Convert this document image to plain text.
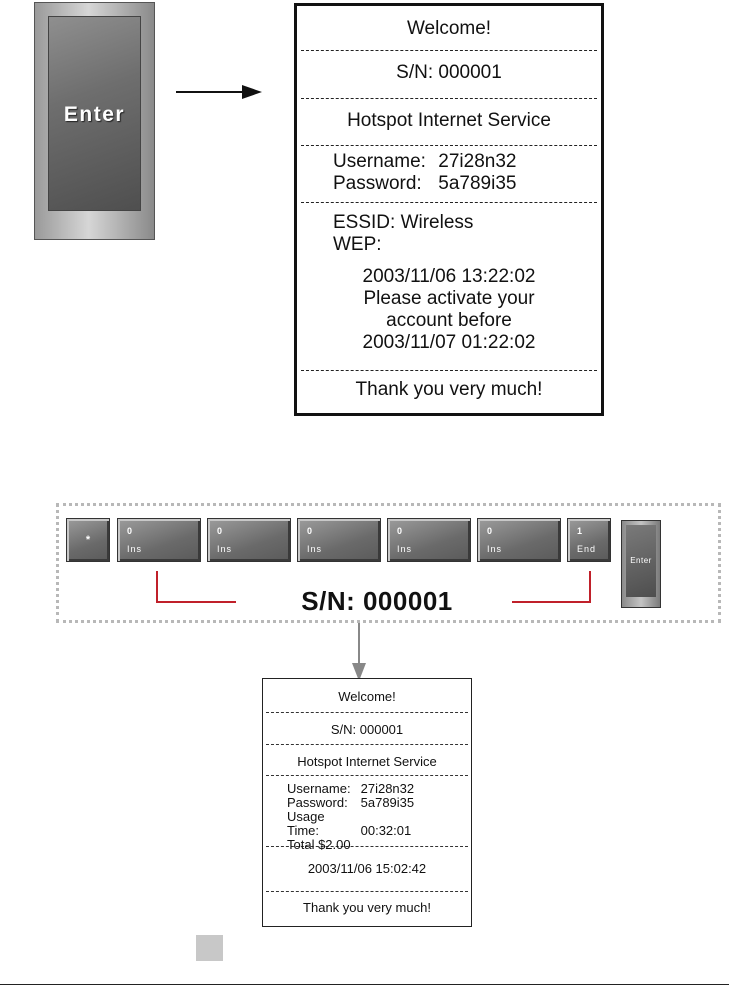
Enter
Welcome!
S/N: 000001
Hotspot Internet Service
Username: 27i28n32
Password: 5a789i35
ESSID: Wireless
WEP:
2003/11/06 13:22:02
Please activate your
account before
2003/11/07 01:22:02
Thank you very much!
*
0
Ins
0
Ins
0
Ins
0
Ins
0
Ins
1
End
Enter
S/N: 000001
Welcome!
S/N: 000001
Hotspot Internet Service
Username: 27i28n32
Password: 5a789i35
Usage Time:	00:32:01
Total $2.00
2003/11/06 15:02:42
Thank you very much!
